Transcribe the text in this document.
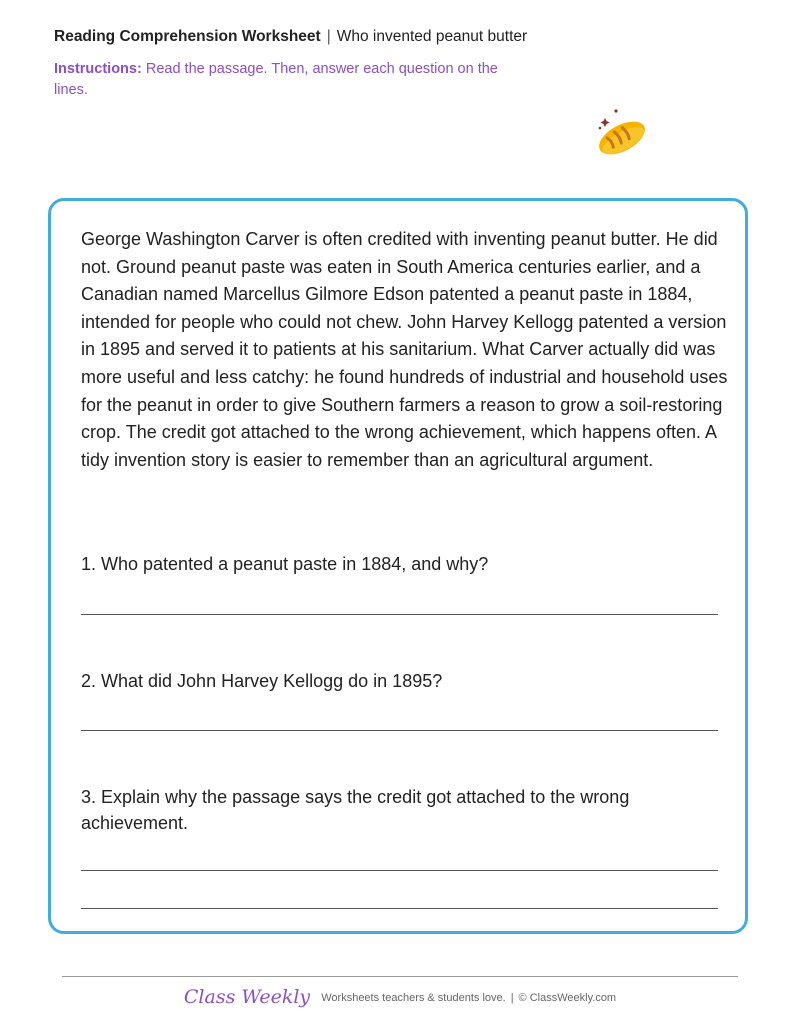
Reading Comprehension Worksheet | Who invented peanut butter
Instructions: Read the passage. Then, answer each question on the lines.
George Washington Carver is often credited with inventing peanut butter. He did not. Ground peanut paste was eaten in South America centuries earlier, and a Canadian named Marcellus Gilmore Edson patented a peanut paste in 1884, intended for people who could not chew. John Harvey Kellogg patented a version in 1895 and served it to patients at his sanitarium. What Carver actually did was more useful and less catchy: he found hundreds of industrial and household uses for the peanut in order to give Southern farmers a reason to grow a soil-restoring crop. The credit got attached to the wrong achievement, which happens often. A tidy invention story is easier to remember than an agricultural argument.
1. Who patented a peanut paste in 1884, and why?
2. What did John Harvey Kellogg do in 1895?
3. Explain why the passage says the credit got attached to the wrong achievement.
Class Weekly Worksheets teachers & students love. | © ClassWeekly.com
